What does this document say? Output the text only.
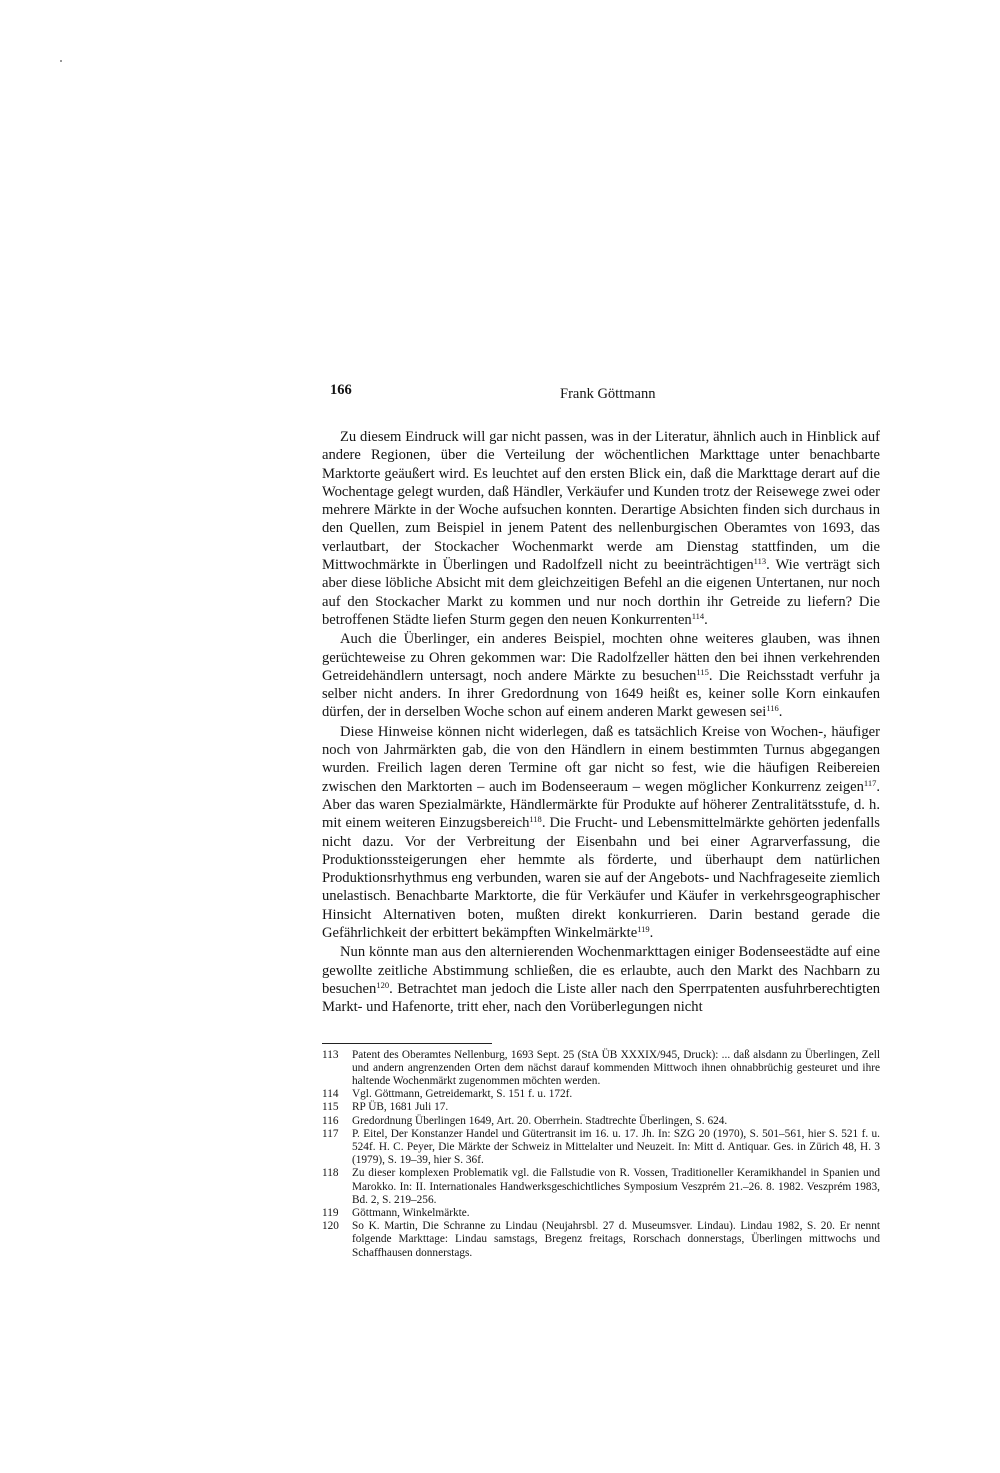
166	Frank Göttmann

Zu diesem Eindruck will gar nicht passen, was in der Literatur, ähnlich auch in Hinblick auf andere Regionen, über die Verteilung der wöchentlichen Markttage unter benachbarte Marktorte geäußert wird. Es leuchtet auf den ersten Blick ein, daß die Markttage derart auf die Wochentage gelegt wurden, daß Händler, Verkäufer und Kunden trotz der Reisewege zwei oder mehrere Märkte in der Woche aufsuchen konnten. Derartige Absichten finden sich durchaus in den Quellen, zum Beispiel in jenem Patent des nellenburgischen Oberamtes von 1693, das verlautbart, der Stockacher Wochenmarkt werde am Dienstag stattfinden, um die Mittwochmärkte in Überlingen und Radolfzell nicht zu beeinträchtigen$^{113}$. Wie verträgt sich aber diese löbliche Absicht mit dem gleichzeitigen Befehl an die eigenen Untertanen, nur noch auf den Stockacher Markt zu kommen und nur noch dorthin ihr Getreide zu liefern? Die betroffenen Städte liefen Sturm gegen den neuen Konkurrenten$^{114}$.

Auch die Überlinger, ein anderes Beispiel, mochten ohne weiteres glauben, was ihnen gerüchteweise zu Ohren gekommen war: Die Radolfzeller hätten den bei ihnen verkehrenden Getreidehändlern untersagt, noch andere Märkte zu besuchen$^{115}$. Die Reichsstadt verfuhr ja selber nicht anders. In ihrer Gredordnung von 1649 heißt es, keiner solle Korn einkaufen dürfen, der in derselben Woche schon auf einem anderen Markt gewesen sei$^{116}$.

Diese Hinweise können nicht widerlegen, daß es tatsächlich Kreise von Wochen-, häufiger noch von Jahrmärkten gab, die von den Händlern in einem bestimmten Turnus abgegangen wurden. Freilich lagen deren Termine oft gar nicht so fest, wie die häufigen Reibereien zwischen den Marktorten – auch im Bodenseeraum – wegen möglicher Konkurrenz zeigen$^{117}$. Aber das waren Spezialmärkte, Händlermärkte für Produkte auf höherer Zentralitätsstufe, d. h. mit einem weiteren Einzugsbereich$^{118}$. Die Frucht- und Lebensmittelmärkte gehörten jedenfalls nicht dazu. Vor der Verbreitung der Eisenbahn und bei einer Agrarverfassung, die Produktionssteigerungen eher hemmte als förderte, und überhaupt dem natürlichen Produktionsrhythmus eng verbunden, waren sie auf der Angebots- und Nachfrageseite ziemlich unelastisch. Benachbarte Marktorte, die für Verkäufer und Käufer in verkehrsgeographischer Hinsicht Alternativen boten, mußten direkt konkurrieren. Darin bestand gerade die Gefährlichkeit der erbittert bekämpften Winkelmärkte$^{119}$.

Nun könnte man aus den alternierenden Wochenmarkttagen einiger Bodenseestädte auf eine gewollte zeitliche Abstimmung schließen, die es erlaubte, auch den Markt des Nachbarn zu besuchen$^{120}$. Betrachtet man jedoch die Liste aller nach den Sperrpatenten ausfuhrberechtigten Markt- und Hafenorte, tritt eher, nach den Vorüberlegungen nicht

113	Patent des Oberamtes Nellenburg, 1693 Sept. 25 (StA ÜB XXXIX/945, Druck): ... daß alsdann zu Überlingen, Zell und andern angrenzenden Orten dem nächst darauf kommenden Mittwoch ihnen ohnabbrüchig gesteuret und ihre haltende Wochenmärkt zugenommen möchten werden.
114	Vgl. Göttmann, Getreidemarkt, S. 151 f. u. 172f.
115	RP ÜB, 1681 Juli 17.
116	Gredordnung Überlingen 1649, Art. 20. Oberrhein. Stadtrechte Überlingen, S. 624.
117	P. Eitel, Der Konstanzer Handel und Gütertransit im 16. u. 17. Jh. In: SZG 20 (1970), S. 501–561, hier S. 521 f. u. 524f. H. C. Peyer, Die Märkte der Schweiz in Mittelalter und Neuzeit. In: Mitt d. Antiquar. Ges. in Zürich 48, H. 3 (1979), S. 19–39, hier S. 36f.
118	Zu dieser komplexen Problematik vgl. die Fallstudie von R. Vossen, Traditioneller Keramikhandel in Spanien und Marokko. In: II. Internationales Handwerksgeschichtliches Symposium Veszprém 21.–26. 8. 1982. Veszprém 1983, Bd. 2, S. 219–256.
119	Göttmann, Winkelmärkte.
120	So K. Martin, Die Schranne zu Lindau (Neujahrsbl. 27 d. Museumsver. Lindau). Lindau 1982, S. 20. Er nennt folgende Markttage: Lindau samstags, Bregenz freitags, Rorschach donnerstags, Überlingen mittwochs und Schaffhausen donnerstags.
